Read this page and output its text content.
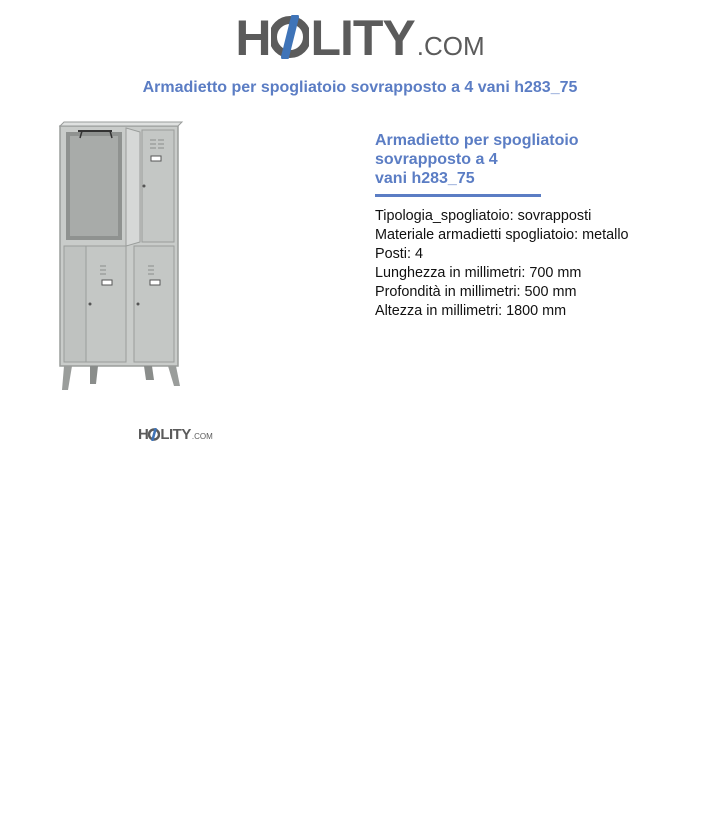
H LITY .COM
Armadietto per spogliatoio sovrapposto a 4 vani h283_75
H LITY .COM
Armadietto per spogliatoio
sovrapposto a 4
vani h283_75
Tipologia_spogliatoio: sovrapposti
Materiale armadietti spogliatoio: metallo
Posti: 4
Lunghezza in millimetri: 700 mm
Profondità in millimetri: 500 mm
Altezza in millimetri: 1800 mm
